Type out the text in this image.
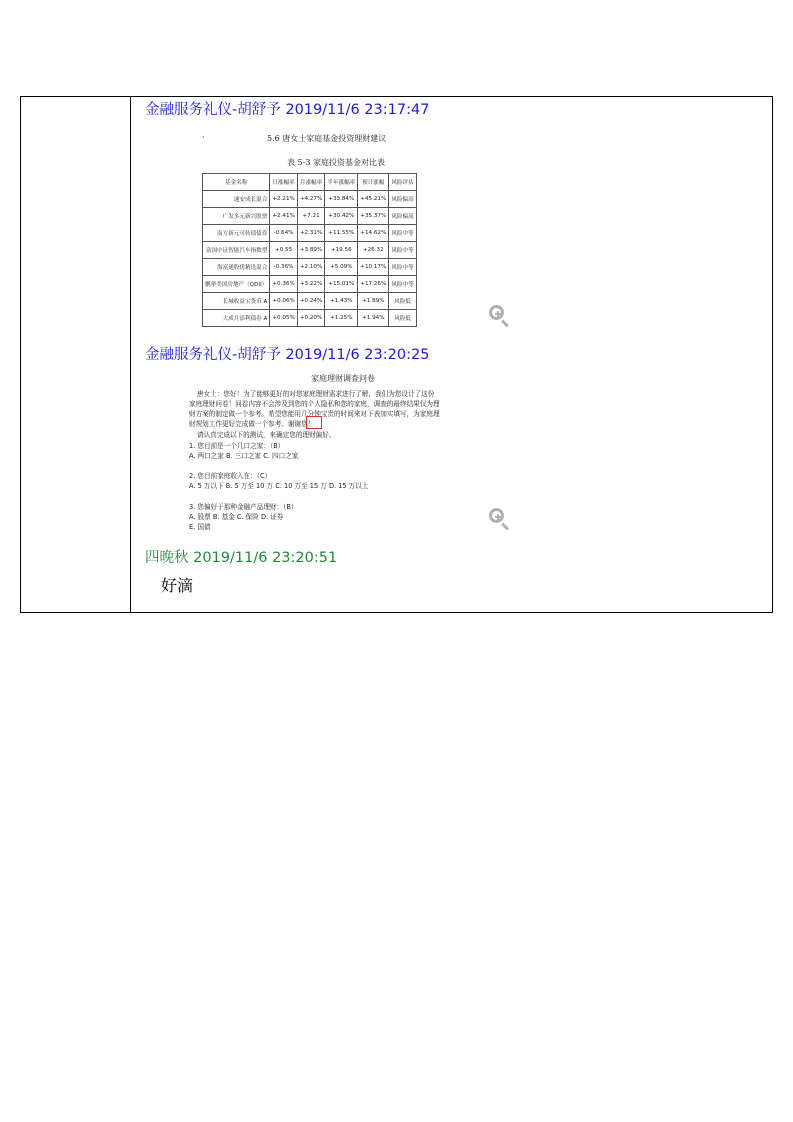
金融服务礼仪-胡舒予 2019/11/6 23:17:47
·	5.6 唐女士家庭基金投资理财建议
表 5-3 家庭投资基金对比表
基金名称	日涨幅率	月涨幅率	半年涨幅率	预计涨幅	风险评估
速安成长混合	+2.21%	+4.27%	+33.84%	+45.21%	风险偏高
广发多元新兴股票	+2.41%	+7.21	+30.42%	+35.37%	风险偏高
南方新元可转债债券	-0.64%	+2.31%	+11.55%	+14.62%	风险中等
富国中证智能汽车指数型	+0.55	+3.89%	+19.56	+26.32	风险中等
海富通股优精选混合	-0.36%	+2.10%	+5.09%	+10.17%	风险中等
鹏华美国房地产（QDII）	+0.36%	+3.22%	+15.01%	+17.26%	风险中等
长城收益宝货币 A	+0.06%	+0.24%	+1.43%	+1.89%	风险低
大成月添利债券 A	+0.05%	+0.20%	+1.25%	+1.94%	风险低
金融服务礼仪-胡舒予 2019/11/6 23:20:25
家庭理财调查问卷
唐女士：您好！为了能够更好的对您家庭理财需求进行了解，我们为您设计了这份
家庭理财问卷！问卷内容不会涉及到您的个人隐私和您的家庭，调查的最终结果仅为理
财方案的制定做一个参考。希望您能用几分钟宝贵的时间来对下表加实填写，为家庭理
财规划工作更好完成做一个参考。谢谢您！
请认真完成以下的测试，来确定您的理财偏好。
1. 您目前是一个几口之家：（B）
A. 两口之家 B. 三口之家 C. 四口之家
2. 您目前家庭收入在：（C）
A. 5 万以下 B. 5 万至 10 万 C. 10 万至 15 万 D. 15 万以上
3. 您偏好于那种金融产品理财：（B）
A. 股票 B. 基金 C. 保险 D. 证券
E. 国债
四晚秋 2019/11/6 23:20:51
好滴
